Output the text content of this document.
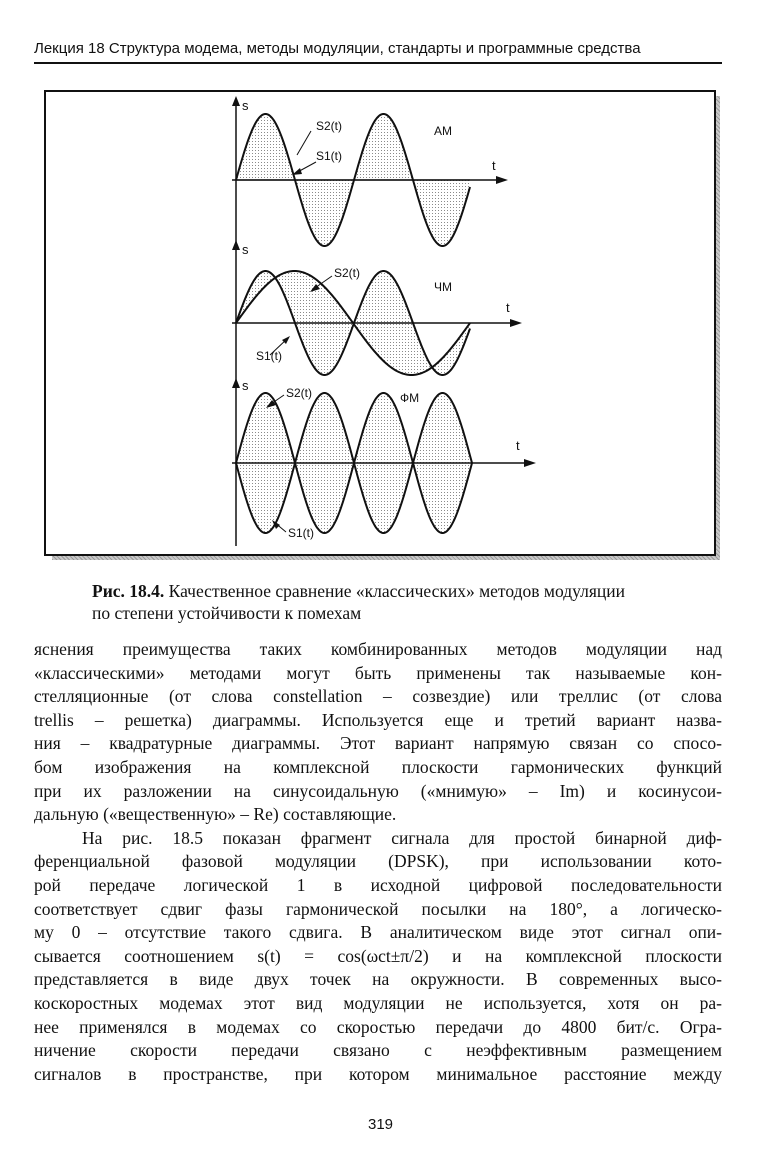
Лекция 18 Структура модема, методы модуляции, стандарты и программные средства
s
t
АМ
S2(t)
S1(t)
s
t
ЧМ
S2(t)
S1(t)
s
t
ФМ
S2(t)
S1(t)
Рис. 18.4. Качественное сравнение «классических» методов модуляции
по степени устойчивости к помехам
яснения преимущества таких комбинированных методов модуляции над
«классическими» методами могут быть применены так называемые кон-
стелляционные (от слова constellation – созвездие) или треллис (от слова
trellis – решетка) диаграммы. Используется еще и третий вариант назва-
ния – квадратурные диаграммы. Этот вариант напрямую связан со спосо-
бом изображения на комплексной плоскости гармонических функций
при их разложении на синусоидальную («мнимую» – Im) и косинусои-
дальную («вещественную» – Re) составляющие.
На рис. 18.5 показан фрагмент сигнала для простой бинарной диф-
ференциальной фазовой модуляции (DPSK), при использовании кото-
рой передаче логической 1 в исходной цифровой последовательности
соответствует сдвиг фазы гармонической посылки на 180°, а логическо-
му 0 – отсутствие такого сдвига. В аналитическом виде этот сигнал опи-
сывается соотношением s(t) = cos(ωct±π/2) и на комплексной плоскости
представляется в виде двух точек на окружности. В современных высо-
коскоростных модемах этот вид модуляции не используется, хотя он ра-
нее применялся в модемах со скоростью передачи до 4800 бит/с. Огра-
ничение скорости передачи связано с неэффективным размещением
сигналов в пространстве, при котором минимальное расстояние между
319
